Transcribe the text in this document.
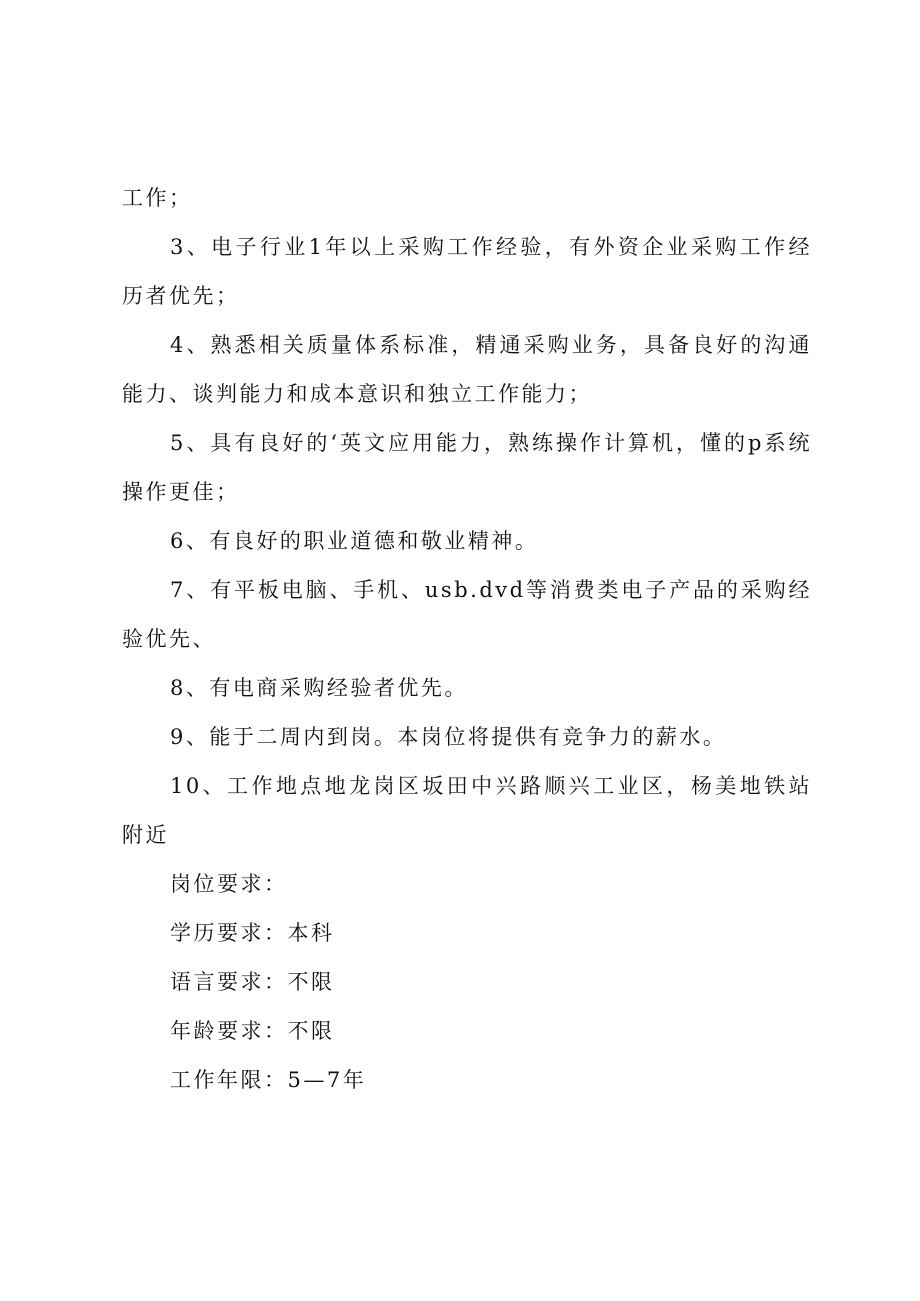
工作；

3、电子行业1年以上采购工作经验，有外资企业采购工作经历者优先；

4、熟悉相关质量体系标准，精通采购业务，具备良好的沟通能力、谈判能力和成本意识和独立工作能力；

5、具有良好的‘英文应用能力，熟练操作计算机，懂的p系统操作更佳；

6、有良好的职业道德和敬业精神。

7、有平板电脑、手机、usb.dvd等消费类电子产品的采购经验优先、

8、有电商采购经验者优先。

9、能于二周内到岗。本岗位将提供有竞争力的薪水。

10、工作地点地龙岗区坂田中兴路顺兴工业区，杨美地铁站附近

岗位要求：

学历要求：本科

语言要求：不限

年龄要求：不限

工作年限：5—7年
